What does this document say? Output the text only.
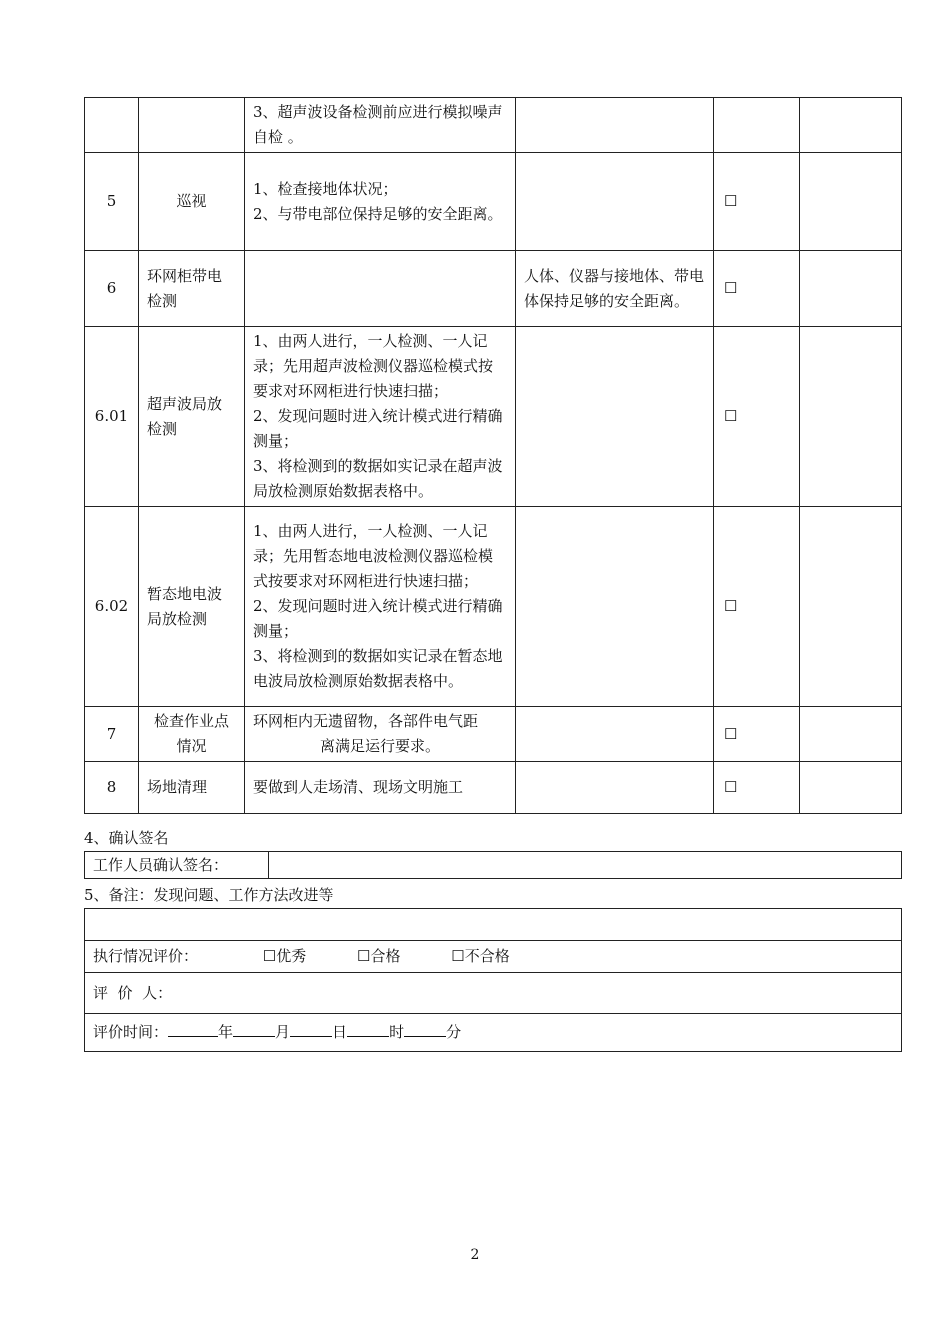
		3、超声波设备检测前应进行模拟噪声自检 。			

5	巡视	1、检查接地体状况；
2、与带电部位保持足够的安全距离。		☐	
6	环网柜带电检测		人体、仪器与接地体、带电体保持足够的安全距离。	☐	
6.01	超声波局放检测	1、由两人进行，一人检测、一人记录；先用超声波检测仪器巡检模式按要求对环网柜进行快速扫描；
2、发现问题时进入统计模式进行精确测量；
3、将检测到的数据如实记录在超声波局放检测原始数据表格中。		☐	
6.02	暂态地电波局放检测	1、由两人进行，一人检测、一人记录；先用暂态地电波检测仪器巡检模式按要求对环网柜进行快速扫描；
2、发现问题时进入统计模式进行精确测量；
3、将检测到的数据如实记录在暂态地电波局放检测原始数据表格中。		☐	
7	检查作业点情况	环网柜内无遗留物，各部件电气距
离满足运行要求。		☐	
8	场地清理	要做到人走场清、现场文明施工		☐	
4、确认签名
工作人员确认签名：	
5、备注：发现问题、工作方法改进等

执行情况评价：	☐优秀	☐合格	☐不合格
评  价  人：
评价时间：	年	月	日	时	分
2
